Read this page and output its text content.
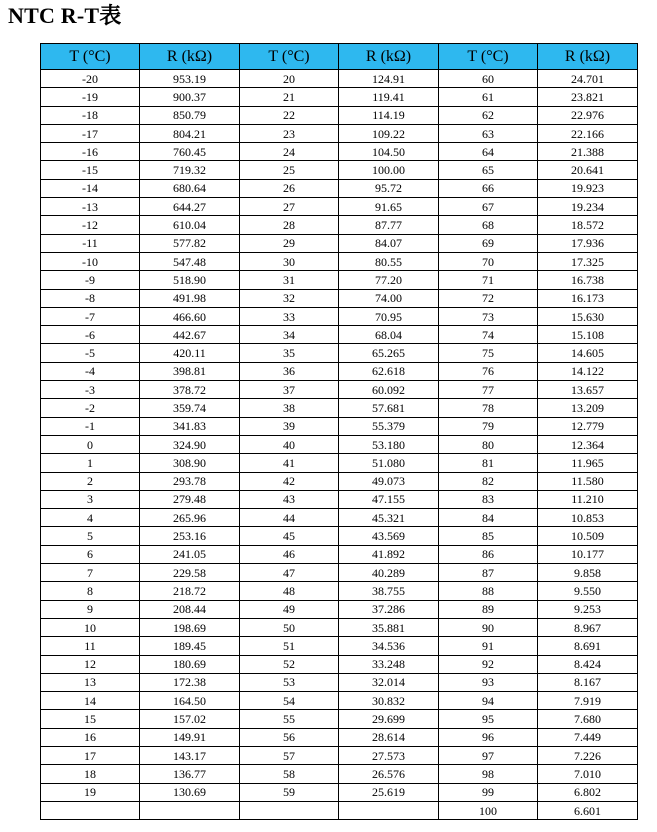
NTC R-T表
T (°C)	R (kΩ)	T (°C)	R (kΩ)	T (°C)	R (kΩ)
-20	953.19	20	124.91	60	24.701
-19	900.37	21	119.41	61	23.821
-18	850.79	22	114.19	62	22.976
-17	804.21	23	109.22	63	22.166
-16	760.45	24	104.50	64	21.388
-15	719.32	25	100.00	65	20.641
-14	680.64	26	95.72	66	19.923
-13	644.27	27	91.65	67	19.234
-12	610.04	28	87.77	68	18.572
-11	577.82	29	84.07	69	17.936
-10	547.48	30	80.55	70	17.325
-9	518.90	31	77.20	71	16.738
-8	491.98	32	74.00	72	16.173
-7	466.60	33	70.95	73	15.630
-6	442.67	34	68.04	74	15.108
-5	420.11	35	65.265	75	14.605
-4	398.81	36	62.618	76	14.122
-3	378.72	37	60.092	77	13.657
-2	359.74	38	57.681	78	13.209
-1	341.83	39	55.379	79	12.779
0	324.90	40	53.180	80	12.364
1	308.90	41	51.080	81	11.965
2	293.78	42	49.073	82	11.580
3	279.48	43	47.155	83	11.210
4	265.96	44	45.321	84	10.853
5	253.16	45	43.569	85	10.509
6	241.05	46	41.892	86	10.177
7	229.58	47	40.289	87	9.858
8	218.72	48	38.755	88	9.550
9	208.44	49	37.286	89	9.253
10	198.69	50	35.881	90	8.967
11	189.45	51	34.536	91	8.691
12	180.69	52	33.248	92	8.424
13	172.38	53	32.014	93	8.167
14	164.50	54	30.832	94	7.919
15	157.02	55	29.699	95	7.680
16	149.91	56	28.614	96	7.449
17	143.17	57	27.573	97	7.226
18	136.77	58	26.576	98	7.010
19	130.69	59	25.619	99	6.802
				100	6.601
